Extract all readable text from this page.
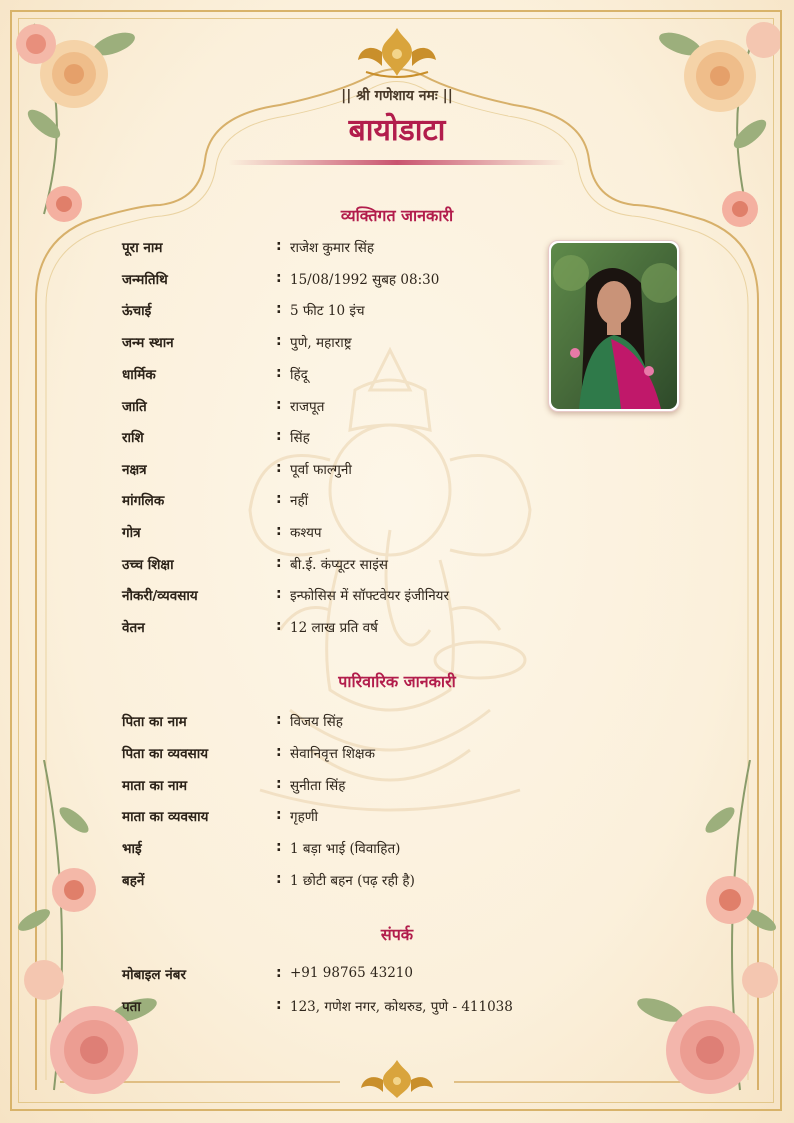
|| श्री गणेशाय नमः ||
बायोडाटा
व्यक्तिगत जानकारी
पूरा नाम	: राजेश कुमार सिंह
जन्मतिथि	: 15/08/1992 सुबह 08:30
ऊंचाई	: 5 फीट 10 इंच
जन्म स्थान	: पुणे, महाराष्ट्र
धार्मिक	: हिंदू
जाति	: राजपूत
राशि	: सिंह
नक्षत्र	: पूर्वा फाल्गुनी
मांगलिक	: नहीं
गोत्र	: कश्यप
उच्च शिक्षा	: बी.ई. कंप्यूटर साइंस
नौकरी/व्यवसाय	: इन्फोसिस में सॉफ्टवेयर इंजीनियर
वेतन	: 12 लाख प्रति वर्ष
पारिवारिक जानकारी
पिता का नाम	: विजय सिंह
पिता का व्यवसाय	: सेवानिवृत्त शिक्षक
माता का नाम	: सुनीता सिंह
माता का व्यवसाय	: गृहणी
भाई	: 1 बड़ा भाई (विवाहित)
बहनें	: 1 छोटी बहन (पढ़ रही है)
संपर्क
मोबाइल नंबर	: +91 98765 43210
पता	: 123, गणेश नगर, कोथरुड, पुणे - 411038
